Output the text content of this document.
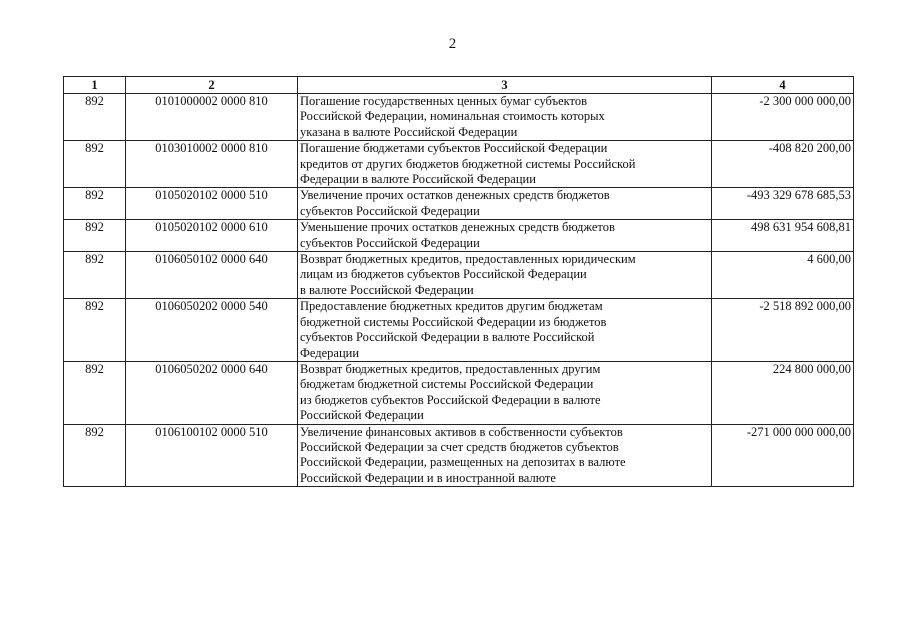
2
1	2	3	4
892	0101000002 0000 810	Погашение государственных ценных бумаг субъектов
Российской Федерации, номинальная стоимость которых
указана в валюте Российской Федерации	-2 300 000 000,00
892	0103010002 0000 810	Погашение бюджетами субъектов Российской Федерации
кредитов от других бюджетов бюджетной системы Российской
Федерации в валюте Российской Федерации	-408 820 200,00
892	0105020102 0000 510	Увеличение прочих остатков денежных средств бюджетов
субъектов Российской Федерации	-493 329 678 685,53
892	0105020102 0000 610	Уменьшение прочих остатков денежных средств бюджетов
субъектов Российской Федерации	498 631 954 608,81
892	0106050102 0000 640	Возврат бюджетных кредитов, предоставленных юридическим
лицам из бюджетов субъектов Российской Федерации
в валюте Российской Федерации	4 600,00
892	0106050202 0000 540	Предоставление бюджетных кредитов другим бюджетам
бюджетной системы Российской Федерации из бюджетов
субъектов Российской Федерации в валюте Российской
Федерации	-2 518 892 000,00
892	0106050202 0000 640	Возврат бюджетных кредитов, предоставленных другим
бюджетам бюджетной системы Российской Федерации
из бюджетов субъектов Российской Федерации в валюте
Российской Федерации	224 800 000,00
892	0106100102 0000 510	Увеличение финансовых активов в собственности субъектов
Российской Федерации за счет средств бюджетов субъектов
Российской Федерации, размещенных на депозитах в валюте
Российской Федерации и в иностранной валюте	-271 000 000 000,00
